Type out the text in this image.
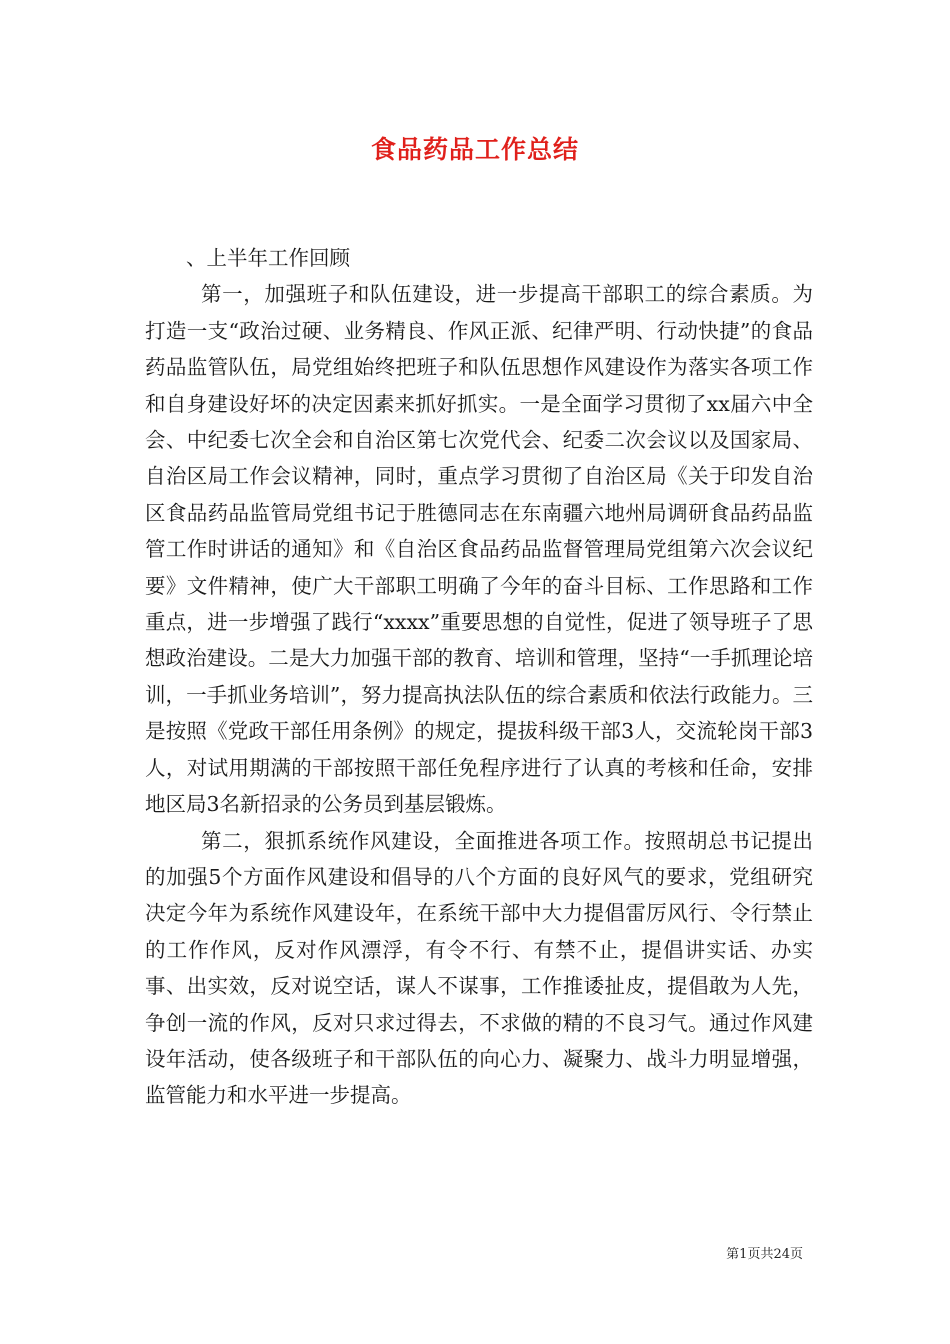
食品药品工作总结

、上半年工作回顾

第一，加强班子和队伍建设，进一步提高干部职工的综合素质。为打造一支“政治过硬、业务精良、作风正派、纪律严明、行动快捷”的食品药品监管队伍，局党组始终把班子和队伍思想作风建设作为落实各项工作和自身建设好坏的决定因素来抓好抓实。一是全面学习贯彻了xx届六中全会、中纪委七次全会和自治区第七次党代会、纪委二次会议以及国家局、自治区局工作会议精神，同时，重点学习贯彻了自治区局《关于印发自治区食品药品监管局党组书记于胜德同志在东南疆六地州局调研食品药品监管工作时讲话的通知》和《自治区食品药品监督管理局党组第六次会议纪要》文件精神，使广大干部职工明确了今年的奋斗目标、工作思路和工作重点，进一步增强了践行“xxxx”重要思想的自觉性，促进了领导班子了思想政治建设。二是大力加强干部的教育、培训和管理，坚持“一手抓理论培训，一手抓业务培训”，努力提高执法队伍的综合素质和依法行政能力。三是按照《党政干部任用条例》的规定，提拔科级干部3人，交流轮岗干部3人，对试用期满的干部按照干部任免程序进行了认真的考核和任命，安排地区局3名新招录的公务员到基层锻炼。

第二，狠抓系统作风建设，全面推进各项工作。按照胡总书记提出的加强5个方面作风建设和倡导的八个方面的良好风气的要求，党组研究决定今年为系统作风建设年，在系统干部中大力提倡雷厉风行、令行禁止的工作作风，反对作风漂浮，有令不行、有禁不止，提倡讲实话、办实事、出实效，反对说空话，谋人不谋事，工作推诿扯皮，提倡敢为人先，争创一流的作风，反对只求过得去，不求做的精的不良习气。通过作风建设年活动，使各级班子和干部队伍的向心力、凝聚力、战斗力明显增强，监管能力和水平进一步提高。

第1页共24页
